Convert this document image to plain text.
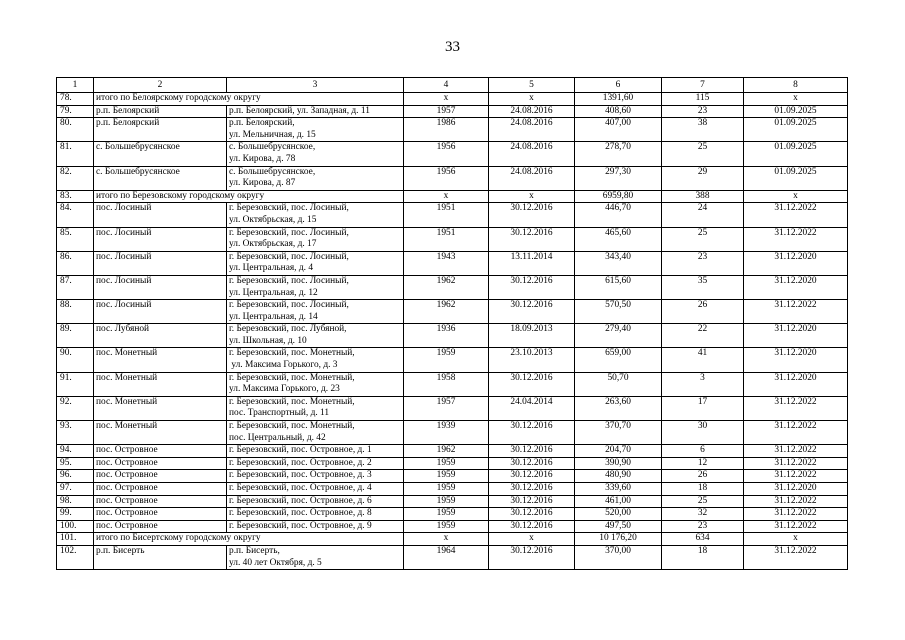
33
1	2	3	4	5	6	7	8
78.	итого по Белоярскому городскому округу		х	х	1391,60	115	х
79.	р.п. Белоярский	р.п. Белоярский, ул. Западная, д. 11	1957	24.08.2016	408,60	23	01.09.2025
80.	р.п. Белоярский	р.п. Белоярский,
ул. Мельничная, д. 15	1986	24.08.2016	407,00	38	01.09.2025
81.	с. Большебрусянское	с. Большебрусянское,
ул. Кирова, д. 78	1956	24.08.2016	278,70	25	01.09.2025
82.	с. Большебрусянское	с. Большебрусянское,
ул. Кирова, д. 87	1956	24.08.2016	297,30	29	01.09.2025
83.	итого по Березовскому городскому округу		х	х	6959,80	388	х
84.	пос. Лосиный	г. Березовский, пос. Лосиный,
ул. Октябрьская, д. 15	1951	30.12.2016	446,70	24	31.12.2022
85.	пос. Лосиный	г. Березовский, пос. Лосиный,
ул. Октябрьская, д. 17	1951	30.12.2016	465,60	25	31.12.2022
86.	пос. Лосиный	г. Березовский, пос. Лосиный,
ул. Центральная, д. 4	1943	13.11.2014	343,40	23	31.12.2020
87.	пос. Лосиный	г. Березовский, пос. Лосиный,
ул. Центральная, д. 12	1962	30.12.2016	615,60	35	31.12.2020
88.	пос. Лосиный	г. Березовский, пос. Лосиный,
ул. Центральная, д. 14	1962	30.12.2016	570,50	26	31.12.2022
89.	пос. Лубяной	г. Березовский, пос. Лубяной,
ул. Школьная, д. 10	1936	18.09.2013	279,40	22	31.12.2020
90.	пос. Монетный	г. Березовский, пос. Монетный,
ул. Максима Горького, д. 3	1959	23.10.2013	659,00	41	31.12.2020
91.	пос. Монетный	г. Березовский, пос. Монетный,
ул. Максима Горького, д. 23	1958	30.12.2016	50,70	3	31.12.2020
92.	пос. Монетный	г. Березовский, пос. Монетный,
пос. Транспортный, д. 11	1957	24.04.2014	263,60	17	31.12.2022
93.	пос. Монетный	г. Березовский, пос. Монетный,
пос. Центральный, д. 42	1939	30.12.2016	370,70	30	31.12.2022
94.	пос. Островное	г. Березовский, пос. Островное, д. 1	1962	30.12.2016	204,70	6	31.12.2022
95.	пос. Островное	г. Березовский, пос. Островное, д. 2	1959	30.12.2016	390,90	12	31.12.2022
96.	пос. Островное	г. Березовский, пос. Островное, д. 3	1959	30.12.2016	480,90	26	31.12.2022
97.	пос. Островное	г. Березовский, пос. Островное, д. 4	1959	30.12.2016	339,60	18	31.12.2020
98.	пос. Островное	г. Березовский, пос. Островное, д. 6	1959	30.12.2016	461,00	25	31.12.2022
99.	пос. Островное	г. Березовский, пос. Островное, д. 8	1959	30.12.2016	520,00	32	31.12.2022
100.	пос. Островное	г. Березовский, пос. Островное, д. 9	1959	30.12.2016	497,50	23	31.12.2022
101.	итого по Бисертскому городскому округу		х	х	10 176,20	634	х
102.	р.п. Бисерть	р.п. Бисерть,
ул. 40 лет Октября, д. 5	1964	30.12.2016	370,00	18	31.12.2022
